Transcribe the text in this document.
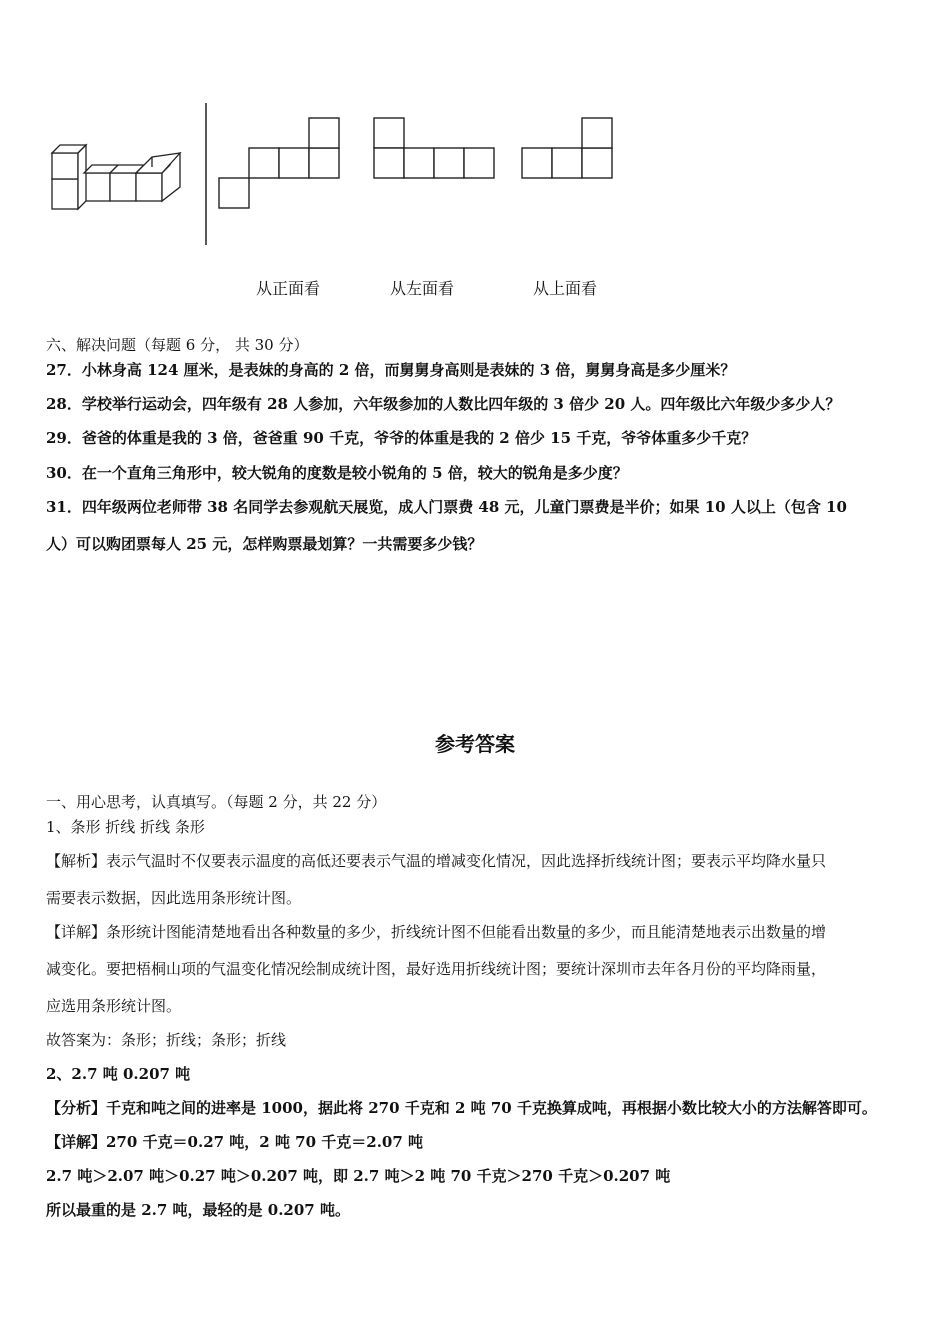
从正面看	从左面看	从上面看
六、解决问题（每题 6 分， 共 30 分）
27．小林身高 124 厘米，是表妹的身高的 2 倍，而舅舅身高则是表妹的 3 倍，舅舅身高是多少厘米？
28．学校举行运动会，四年级有 28 人参加，六年级参加的人数比四年级的 3 倍少 20 人。四年级比六年级少多少人？
29．爸爸的体重是我的 3 倍，爸爸重 90 千克，爷爷的体重是我的 2 倍少 15 千克，爷爷体重多少千克？
30．在一个直角三角形中，较大锐角的度数是较小锐角的 5 倍，较大的锐角是多少度？
31．四年级两位老师带 38 名同学去参观航天展览，成人门票费 48 元，儿童门票费是半价；如果 10 人以上（包含 10
人）可以购团票每人 25 元，怎样购票最划算？一共需要多少钱？
参考答案
一、用心思考，认真填写。（每题 2 分，共 22 分）
1、条形 折线 折线 条形
【解析】表示气温时不仅要表示温度的高低还要表示气温的增减变化情况，因此选择折线统计图；要表示平均降水量只
需要表示数据，因此选用条形统计图。
【详解】条形统计图能清楚地看出各种数量的多少，折线统计图不但能看出数量的多少，而且能清楚地表示出数量的增
减变化。要把梧桐山项的气温变化情况绘制成统计图，最好选用折线统计图；要统计深圳市去年各月份的平均降雨量，
应选用条形统计图。
故答案为：条形；折线；条形；折线
2、2.7 吨 0.207 吨
【分析】千克和吨之间的进率是 1000，据此将 270 千克和 2 吨 70 千克换算成吨，再根据小数比较大小的方法解答即可。
【详解】270 千克＝0.27 吨，2 吨 70 千克＝2.07 吨
2.7 吨＞2.07 吨＞0.27 吨＞0.207 吨，即 2.7 吨＞2 吨 70 千克＞270 千克＞0.207 吨
所以最重的是 2.7 吨，最轻的是 0.207 吨。
